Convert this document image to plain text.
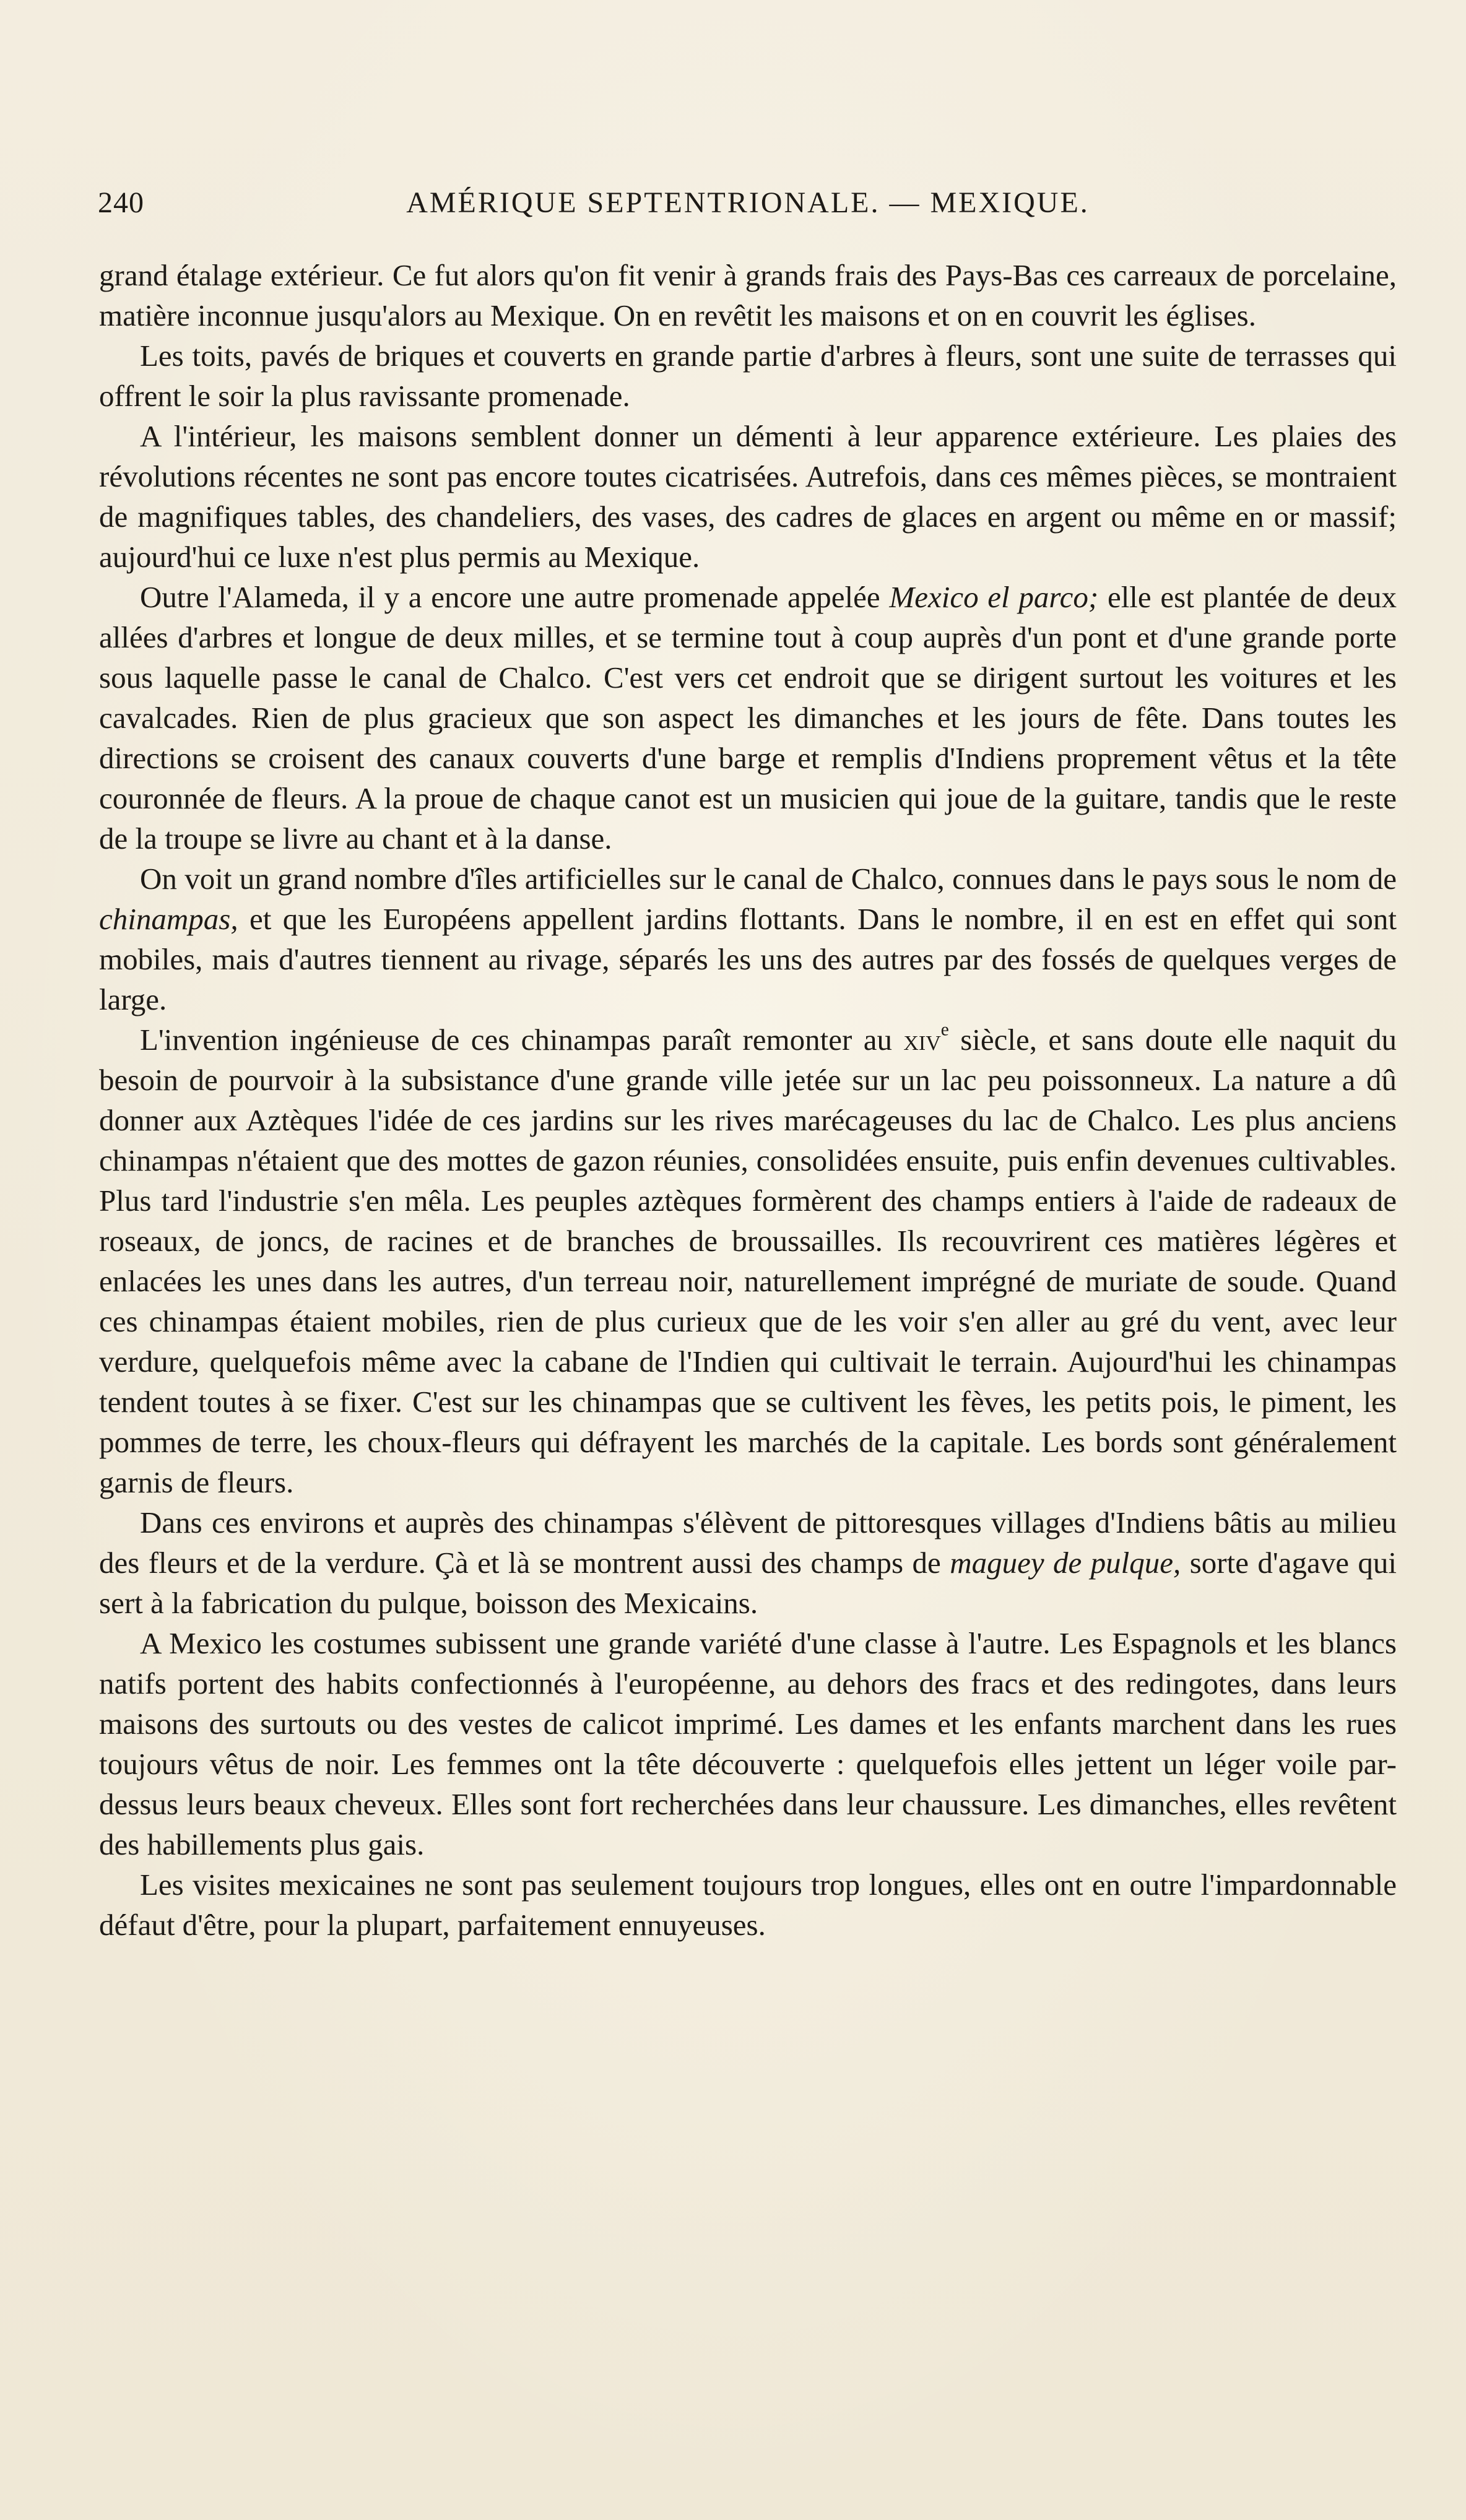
240	AMÉRIQUE SEPTENTRIONALE. — MEXIQUE.

grand étalage extérieur. Ce fut alors qu'on fit venir à grands frais des Pays-Bas ces carreaux de porcelaine, matière inconnue jusqu'alors au Mexique. On en revêtit les maisons et on en couvrit les églises.

Les toits, pavés de briques et couverts en grande partie d'arbres à fleurs, sont une suite de terrasses qui offrent le soir la plus ravissante promenade.

A l'intérieur, les maisons semblent donner un démenti à leur apparence extérieure. Les plaies des révolutions récentes ne sont pas encore toutes cicatrisées. Autrefois, dans ces mêmes pièces, se montraient de magnifiques tables, des chandeliers, des vases, des cadres de glaces en argent ou même en or massif; aujourd'hui ce luxe n'est plus permis au Mexique.

Outre l'Alameda, il y a encore une autre promenade appelée Mexico el parco; elle est plantée de deux allées d'arbres et longue de deux milles, et se termine tout à coup auprès d'un pont et d'une grande porte sous laquelle passe le canal de Chalco. C'est vers cet endroit que se dirigent surtout les voitures et les cavalcades. Rien de plus gracieux que son aspect les dimanches et les jours de fête. Dans toutes les directions se croisent des canaux couverts d'une barge et remplis d'Indiens proprement vêtus et la tête couronnée de fleurs. A la proue de chaque canot est un musicien qui joue de la guitare, tandis que le reste de la troupe se livre au chant et à la danse.

On voit un grand nombre d'îles artificielles sur le canal de Chalco, connues dans le pays sous le nom de chinampas, et que les Européens appellent jardins flottants. Dans le nombre, il en est en effet qui sont mobiles, mais d'autres tiennent au rivage, séparés les uns des autres par des fossés de quelques verges de large.

L'invention ingénieuse de ces chinampas paraît remonter au xiv$^e$ siècle, et sans doute elle naquit du besoin de pourvoir à la subsistance d'une grande ville jetée sur un lac peu poissonneux. La nature a dû donner aux Aztèques l'idée de ces jardins sur les rives marécageuses du lac de Chalco. Les plus anciens chinampas n'étaient que des mottes de gazon réunies, consolidées ensuite, puis enfin devenues cultivables. Plus tard l'industrie s'en mêla. Les peuples aztèques formèrent des champs entiers à l'aide de radeaux de roseaux, de joncs, de racines et de branches de broussailles. Ils recouvrirent ces matières légères et enlacées les unes dans les autres, d'un terreau noir, naturellement imprégné de muriate de soude. Quand ces chinampas étaient mobiles, rien de plus curieux que de les voir s'en aller au gré du vent, avec leur verdure, quelquefois même avec la cabane de l'Indien qui cultivait le terrain. Aujourd'hui les chinampas tendent toutes à se fixer. C'est sur les chinampas que se cultivent les fèves, les petits pois, le piment, les pommes de terre, les choux-fleurs qui défrayent les marchés de la capitale. Les bords sont généralement garnis de fleurs.

Dans ces environs et auprès des chinampas s'élèvent de pittoresques villages d'Indiens bâtis au milieu des fleurs et de la verdure. Çà et là se montrent aussi des champs de maguey de pulque, sorte d'agave qui sert à la fabrication du pulque, boisson des Mexicains.

A Mexico les costumes subissent une grande variété d'une classe à l'autre. Les Espagnols et les blancs natifs portent des habits confectionnés à l'européenne, au dehors des fracs et des redingotes, dans leurs maisons des surtouts ou des vestes de calicot imprimé. Les dames et les enfants marchent dans les rues toujours vêtus de noir. Les femmes ont la tête découverte : quelquefois elles jettent un léger voile par-dessus leurs beaux cheveux. Elles sont fort recherchées dans leur chaussure. Les dimanches, elles revêtent des habillements plus gais.

Les visites mexicaines ne sont pas seulement toujours trop longues, elles ont en outre l'impardonnable défaut d'être, pour la plupart, parfaitement ennuyeuses.
